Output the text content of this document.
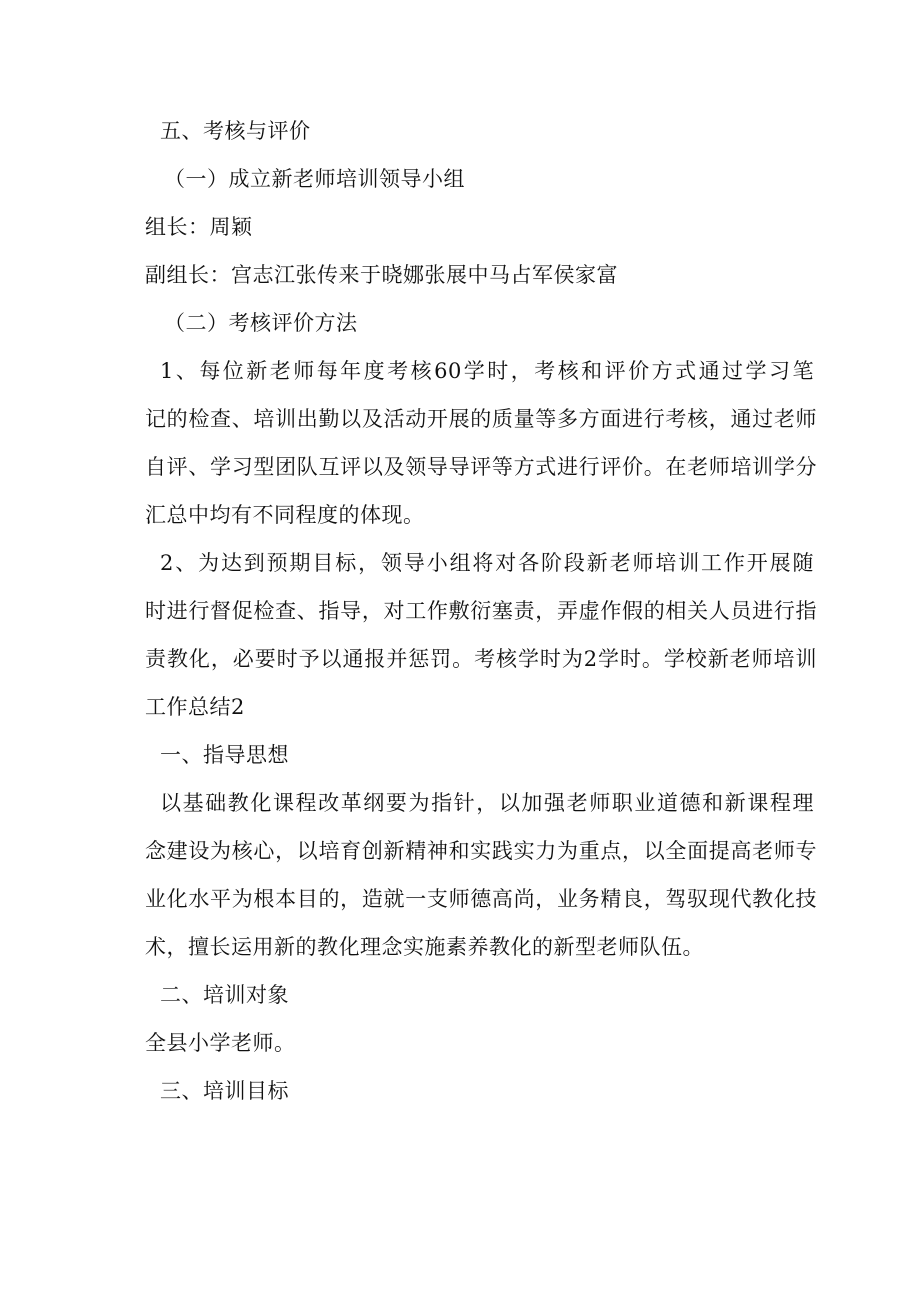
五、考核与评价
（一）成立新老师培训领导小组
组长：周颖
副组长：宫志江张传来于晓娜张展中马占军侯家富
（二）考核评价方法
1、每位新老师每年度考核60学时，考核和评价方式通过学习笔
记的检查、培训出勤以及活动开展的质量等多方面进行考核，通过老师
自评、学习型团队互评以及领导导评等方式进行评价。在老师培训学分
汇总中均有不同程度的体现。
2、为达到预期目标，领导小组将对各阶段新老师培训工作开展随
时进行督促检查、指导，对工作敷衍塞责，弄虚作假的相关人员进行指
责教化，必要时予以通报并惩罚。考核学时为2学时。学校新老师培训
工作总结2
一、指导思想
以基础教化课程改革纲要为指针，以加强老师职业道德和新课程理
念建设为核心，以培育创新精神和实践实力为重点，以全面提高老师专
业化水平为根本目的，造就一支师德高尚，业务精良，驾驭现代教化技
术，擅长运用新的教化理念实施素养教化的新型老师队伍。
二、培训对象
全县小学老师。
三、培训目标
